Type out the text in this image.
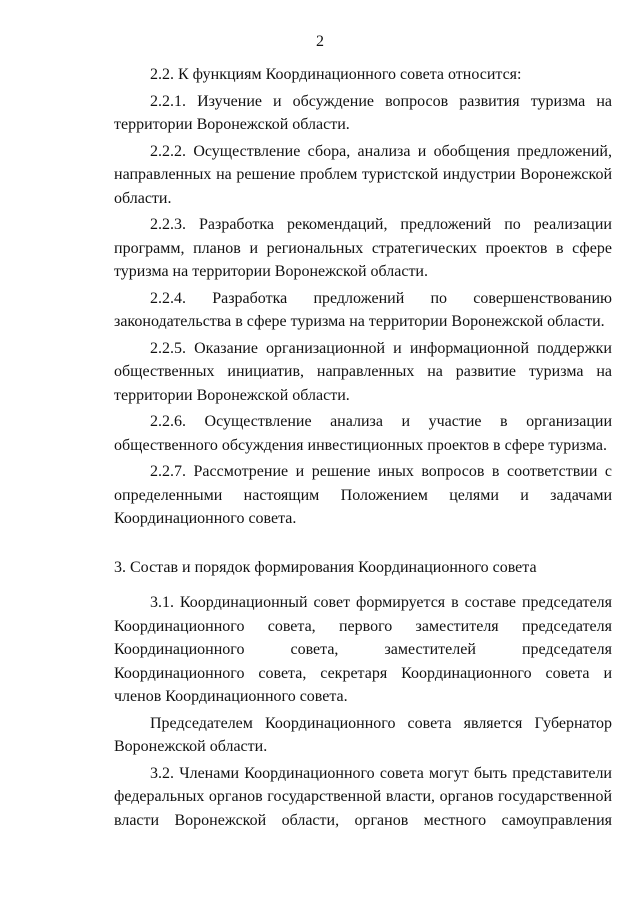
2

2.2. К функциям Координационного совета относится:

2.2.1. Изучение и обсуждение вопросов развития туризма на территории Воронежской области.

2.2.2. Осуществление сбора, анализа и обобщения предложений, направленных на решение проблем туристской индустрии Воронежской области.

2.2.3. Разработка рекомендаций, предложений по реализации программ, планов и региональных стратегических проектов в сфере туризма на территории Воронежской области.

2.2.4. Разработка предложений по совершенствованию законодательства в сфере туризма на территории Воронежской области.

2.2.5. Оказание организационной и информационной поддержки общественных инициатив, направленных на развитие туризма на территории Воронежской области.

2.2.6. Осуществление анализа и участие в организации общественного обсуждения инвестиционных проектов в сфере туризма.

2.2.7. Рассмотрение и решение иных вопросов в соответствии с определенными настоящим Положением целями и задачами Координационного совета.

3. Состав и порядок формирования Координационного совета

3.1. Координационный совет формируется в составе председателя Координационного совета, первого заместителя председателя Координационного совета, заместителей председателя Координационного совета, секретаря Координационного совета и членов Координационного совета.

Председателем Координационного совета является Губернатор Воронежской области.

3.2. Членами Координационного совета могут быть представители федеральных органов государственной власти, органов государственной власти Воронежской области, органов местного самоуправления
